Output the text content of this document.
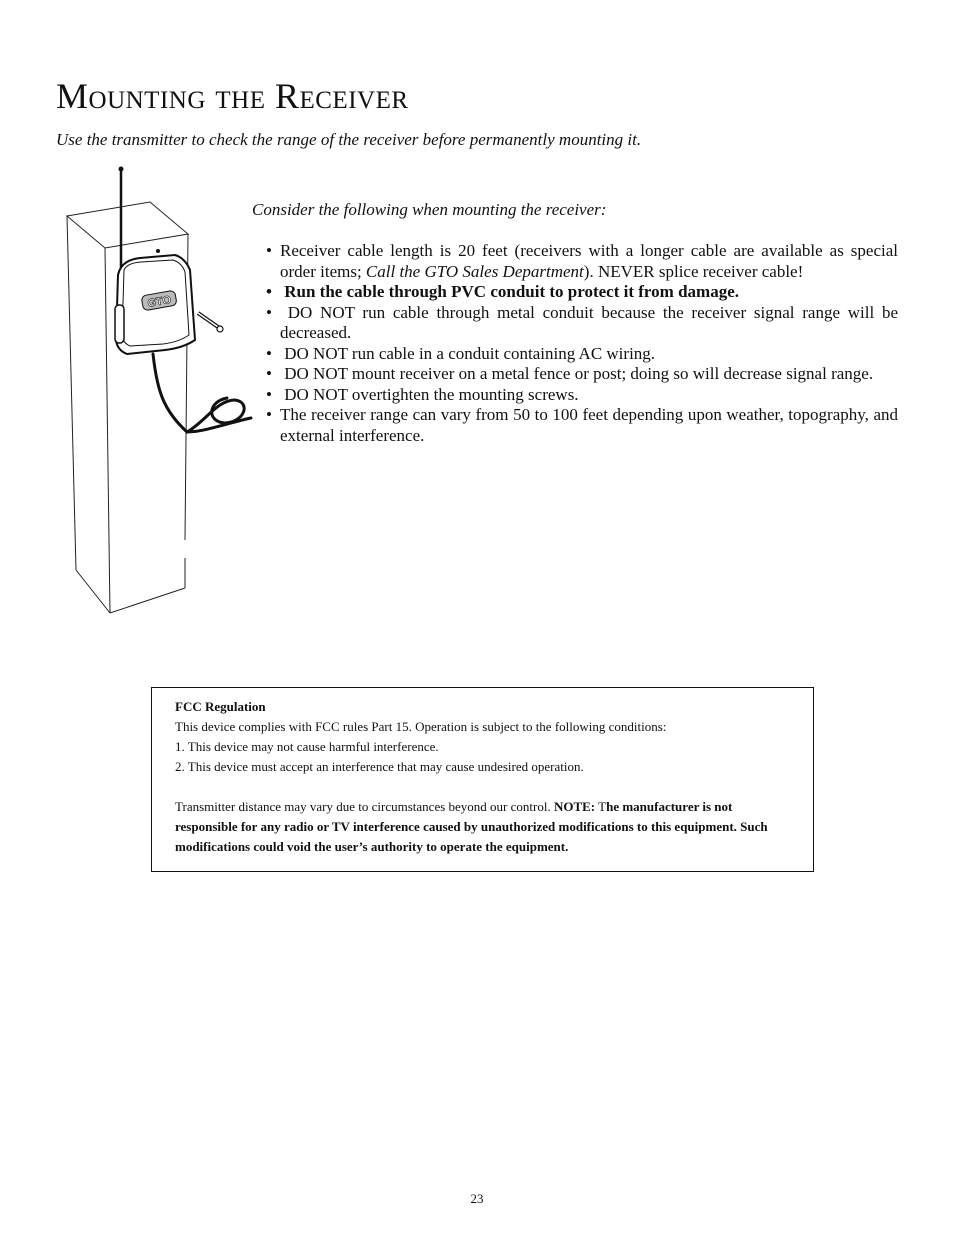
Mounting the Receiver

Use the transmitter to check the range of the receiver before permanently mounting it.

GTO

Consider the following when mounting the receiver:

• Receiver cable length is 20 feet (receivers with a longer cable are available as special order items; Call the GTO Sales Department). NEVER splice receiver cable!
• Run the cable through PVC conduit to protect it from damage.
• DO NOT run cable through metal conduit because the receiver signal range will be decreased.
• DO NOT run cable in a conduit containing AC wiring.
• DO NOT mount receiver on a metal fence or post; doing so will decrease signal range.
• DO NOT overtighten the mounting screws.
• The receiver range can vary from 50 to 100 feet depending upon weather, topography, and external interference.

FCC Regulation

This device complies with FCC rules Part 15. Operation is subject to the following conditions:

1. This device may not cause harmful interference.

2. This device must accept an interference that may cause undesired operation.

Transmitter distance may vary due to circumstances beyond our control. NOTE: The manufacturer is not responsible for any radio or TV interference caused by unauthorized modifications to this equipment. Such modifications could void the user’s authority to operate the equipment.

23
